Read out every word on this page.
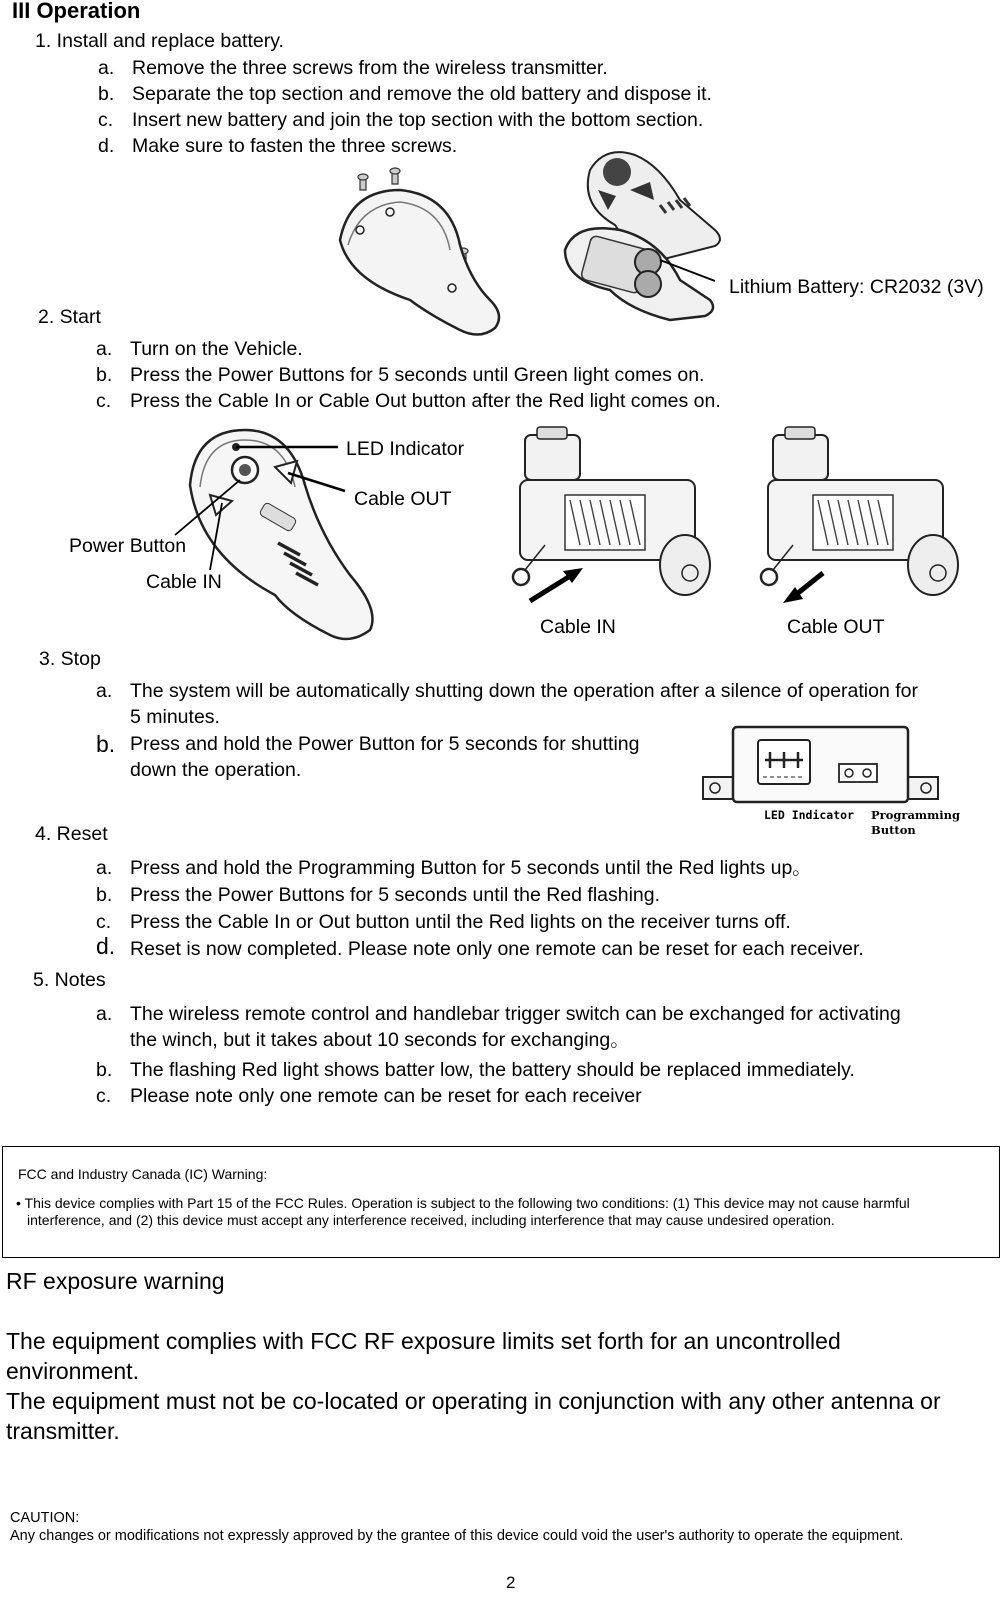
III Operation
1. Install and replace battery.
a. Remove the three screws from the wireless transmitter.
b. Separate the top section and remove the old battery and dispose it.
c. Insert new battery and join the top section with the bottom section.
d. Make sure to fasten the three screws.
Lithium Battery: CR2032 (3V)
2. Start
a. Turn on the Vehicle.
b. Press the Power Buttons for 5 seconds until Green light comes on.
c. Press the Cable In or Cable Out button after the Red light comes on.
LED Indicator
Cable OUT
Power Button
Cable IN
Cable IN	Cable OUT
3. Stop
a. The system will be automatically shutting down the operation after a silence of operation for 5 minutes.
b. Press and hold the Power Button for 5 seconds for shutting down the operation.
LED Indicator Programming
Button
4. Reset
a. Press and hold the Programming Button for 5 seconds until the Red lights up。
b. Press the Power Buttons for 5 seconds until the Red flashing.
c. Press the Cable In or Out button until the Red lights on the receiver turns off.
d. Reset is now completed. Please note only one remote can be reset for each receiver.
5. Notes
a. The wireless remote control and handlebar trigger switch can be exchanged for activating the winch, but it takes about 10 seconds for exchanging。
b. The flashing Red light shows batter low, the battery should be replaced immediately.
c. Please note only one remote can be reset for each receiver
FCC and Industry Canada (IC) Warning:
• This device complies with Part 15 of the FCC Rules. Operation is subject to the following two conditions: (1) This device may not cause harmful interference, and (2) this device must accept any interference received, including interference that may cause undesired operation.
RF exposure warning
The equipment complies with FCC RF exposure limits set forth for an uncontrolled environment.
The equipment must not be co-located or operating in conjunction with any other antenna or transmitter.
CAUTION:
Any changes or modifications not expressly approved by the grantee of this device could void the user's authority to operate the equipment.
2
